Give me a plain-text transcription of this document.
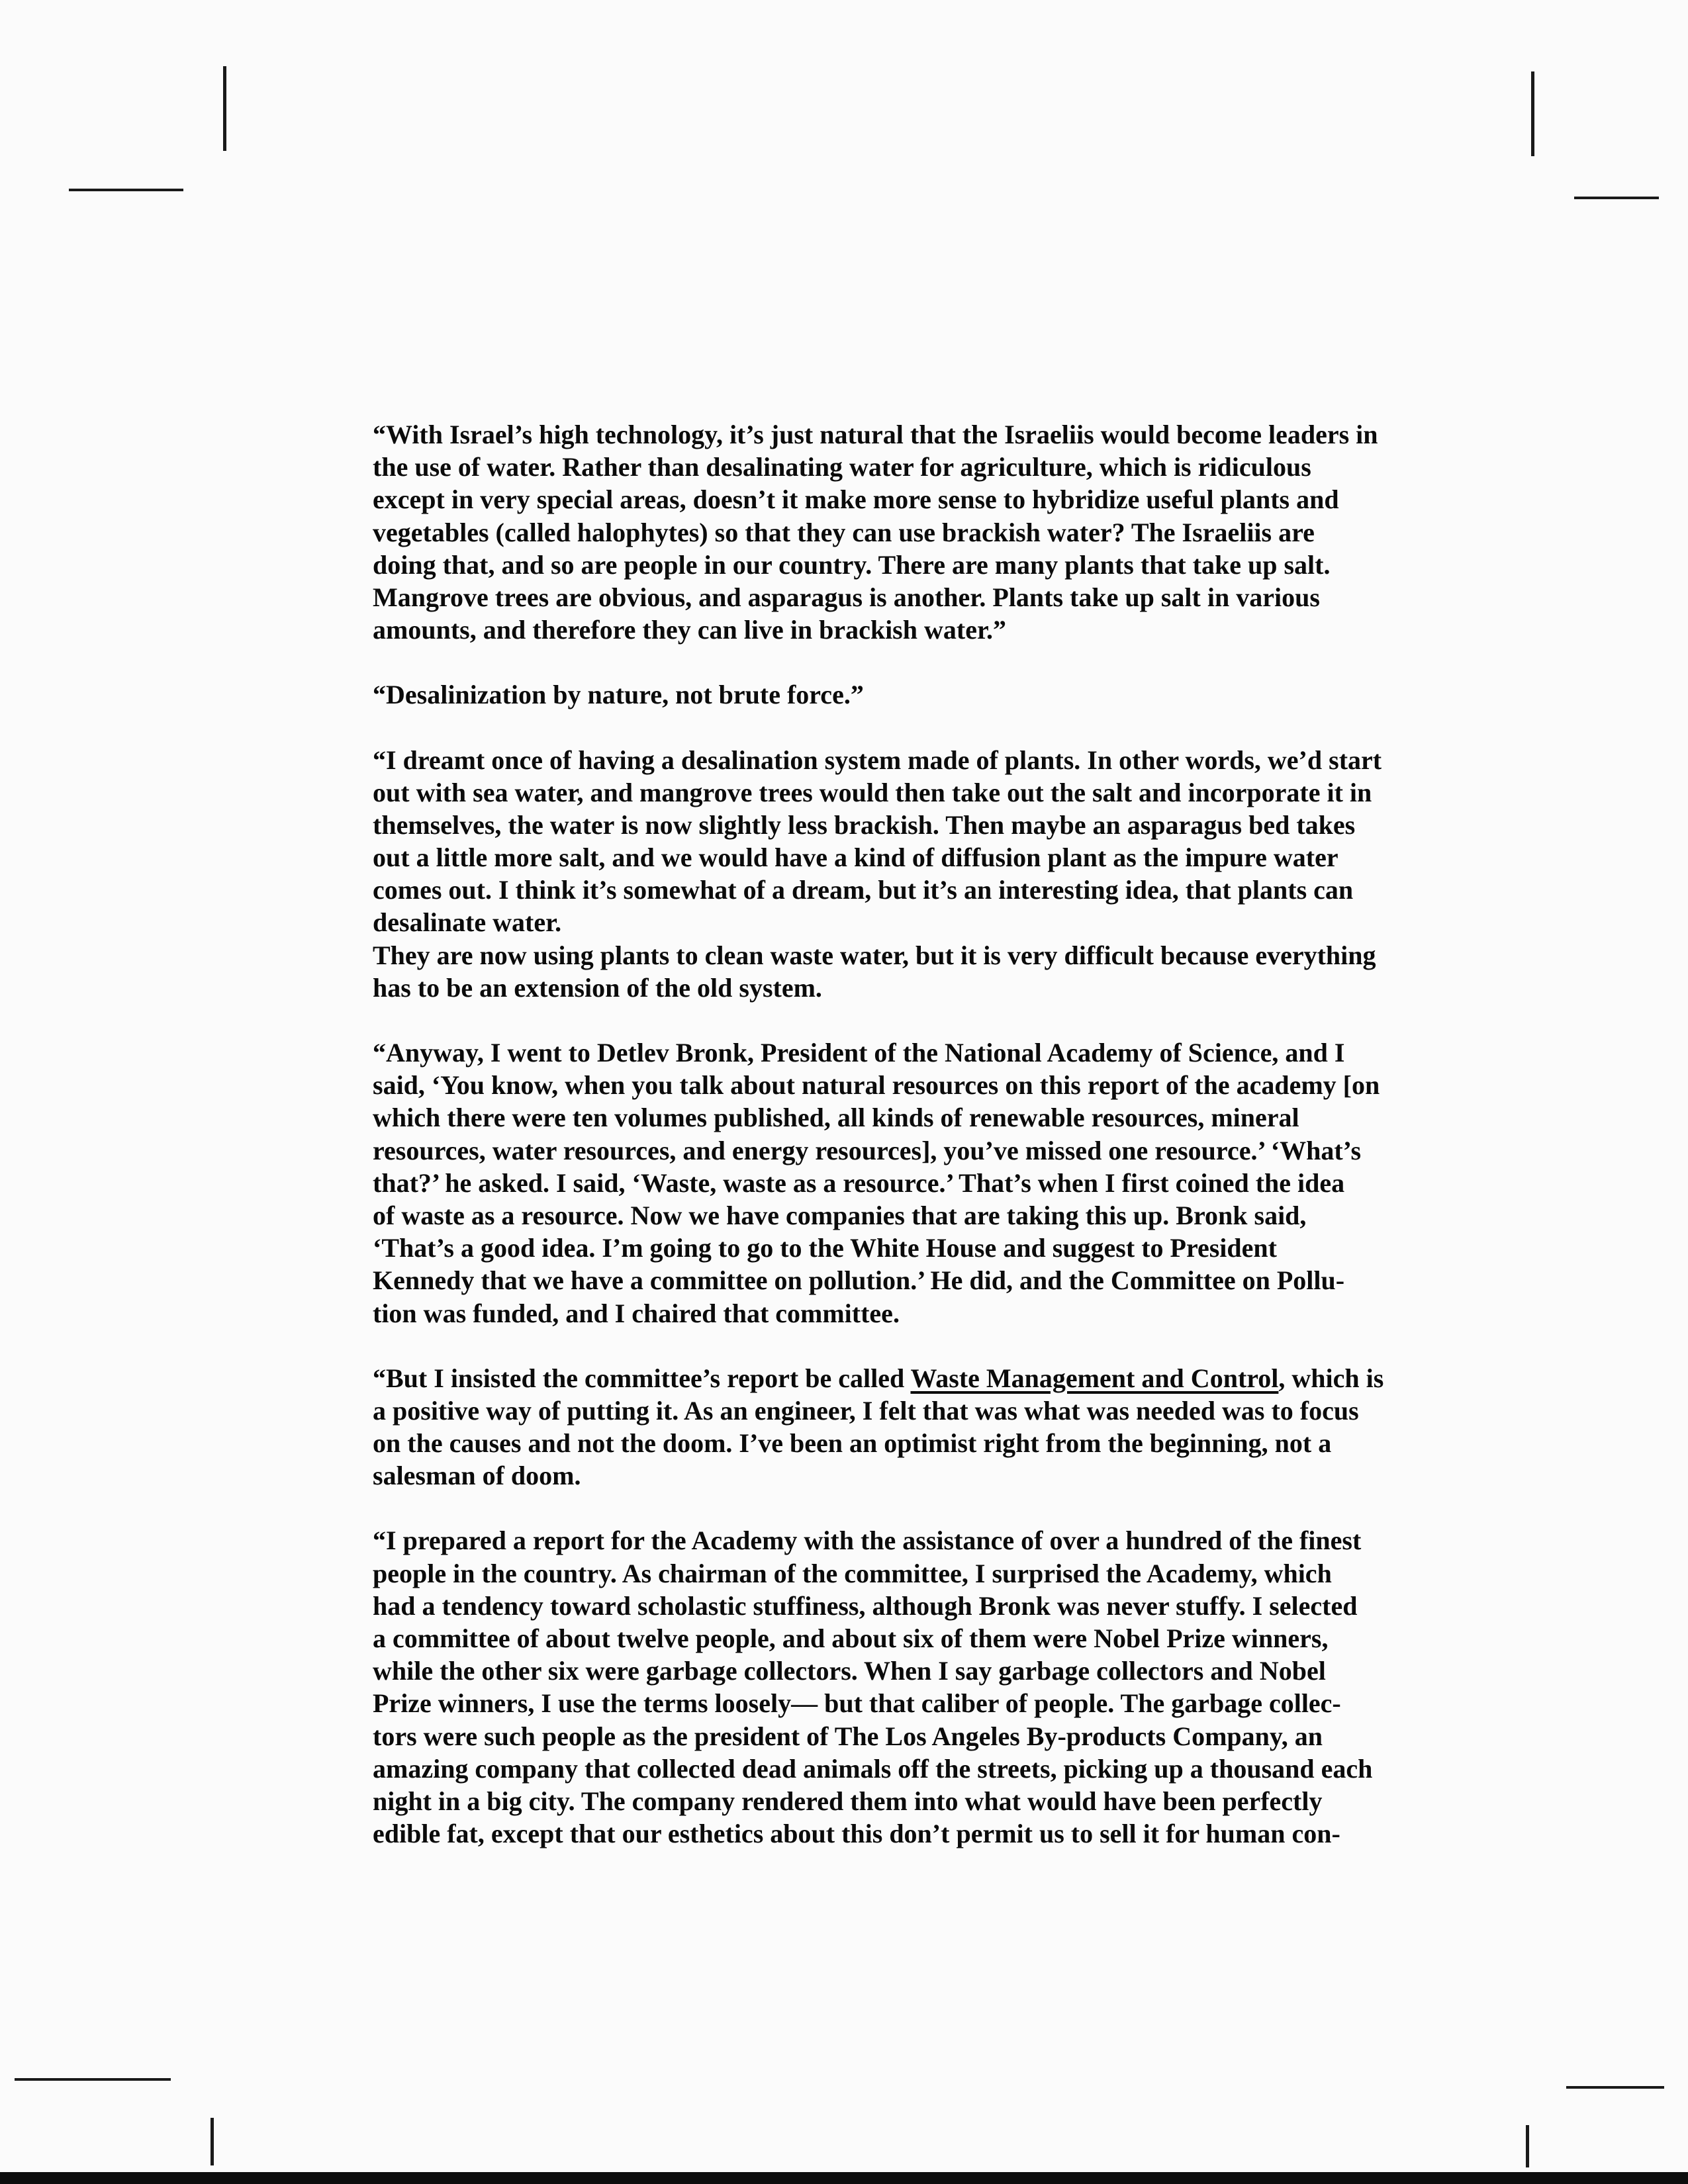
“With Israel’s high technology, it’s just natural that the Israeliis would become leaders in
the use of water. Rather than desalinating water for agriculture, which is ridiculous
except in very special areas, doesn’t it make more sense to hybridize useful plants and
vegetables (called halophytes) so that they can use brackish water? The Israeliis are
doing that, and so are people in our country. There are many plants that take up salt.
Mangrove trees are obvious, and asparagus is another. Plants take up salt in various
amounts, and therefore they can live in brackish water.”
“Desalinization by nature, not brute force.”
“I dreamt once of having a desalination system made of plants. In other words, we’d start
out with sea water, and mangrove trees would then take out the salt and incorporate it in
themselves, the water is now slightly less brackish. Then maybe an asparagus bed takes
out a little more salt, and we would have a kind of diffusion plant as the impure water
comes out. I think it’s somewhat of a dream, but it’s an interesting idea, that plants can
desalinate water.
They are now using plants to clean waste water, but it is very difficult because everything
has to be an extension of the old system.
“Anyway, I went to Detlev Bronk, President of the National Academy of Science, and I
said, ‘You know, when you talk about natural resources on this report of the academy [on
which there were ten volumes published, all kinds of renewable resources, mineral
resources, water resources, and energy resources], you’ve missed one resource.’ ‘What’s
that?’ he asked. I said, ‘Waste, waste as a resource.’ That’s when I first coined the idea
of waste as a resource. Now we have companies that are taking this up. Bronk said,
‘That’s a good idea. I’m going to go to the White House and suggest to President
Kennedy that we have a committee on pollution.’ He did, and the Committee on Pollu-
tion was funded, and I chaired that committee.
“But I insisted the committee’s report be called Waste Management and Control, which is
a positive way of putting it. As an engineer, I felt that was what was needed was to focus
on the causes and not the doom. I’ve been an optimist right from the beginning, not a
salesman of doom.
“I prepared a report for the Academy with the assistance of over a hundred of the finest
people in the country. As chairman of the committee, I surprised the Academy, which
had a tendency toward scholastic stuffiness, although Bronk was never stuffy. I selected
a committee of about twelve people, and about six of them were Nobel Prize winners,
while the other six were garbage collectors. When I say garbage collectors and Nobel
Prize winners, I use the terms loosely— but that caliber of people. The garbage collec-
tors were such people as the president of The Los Angeles By-products Company, an
amazing company that collected dead animals off the streets, picking up a thousand each
night in a big city. The company rendered them into what would have been perfectly
edible fat, except that our esthetics about this don’t permit us to sell it for human con-
